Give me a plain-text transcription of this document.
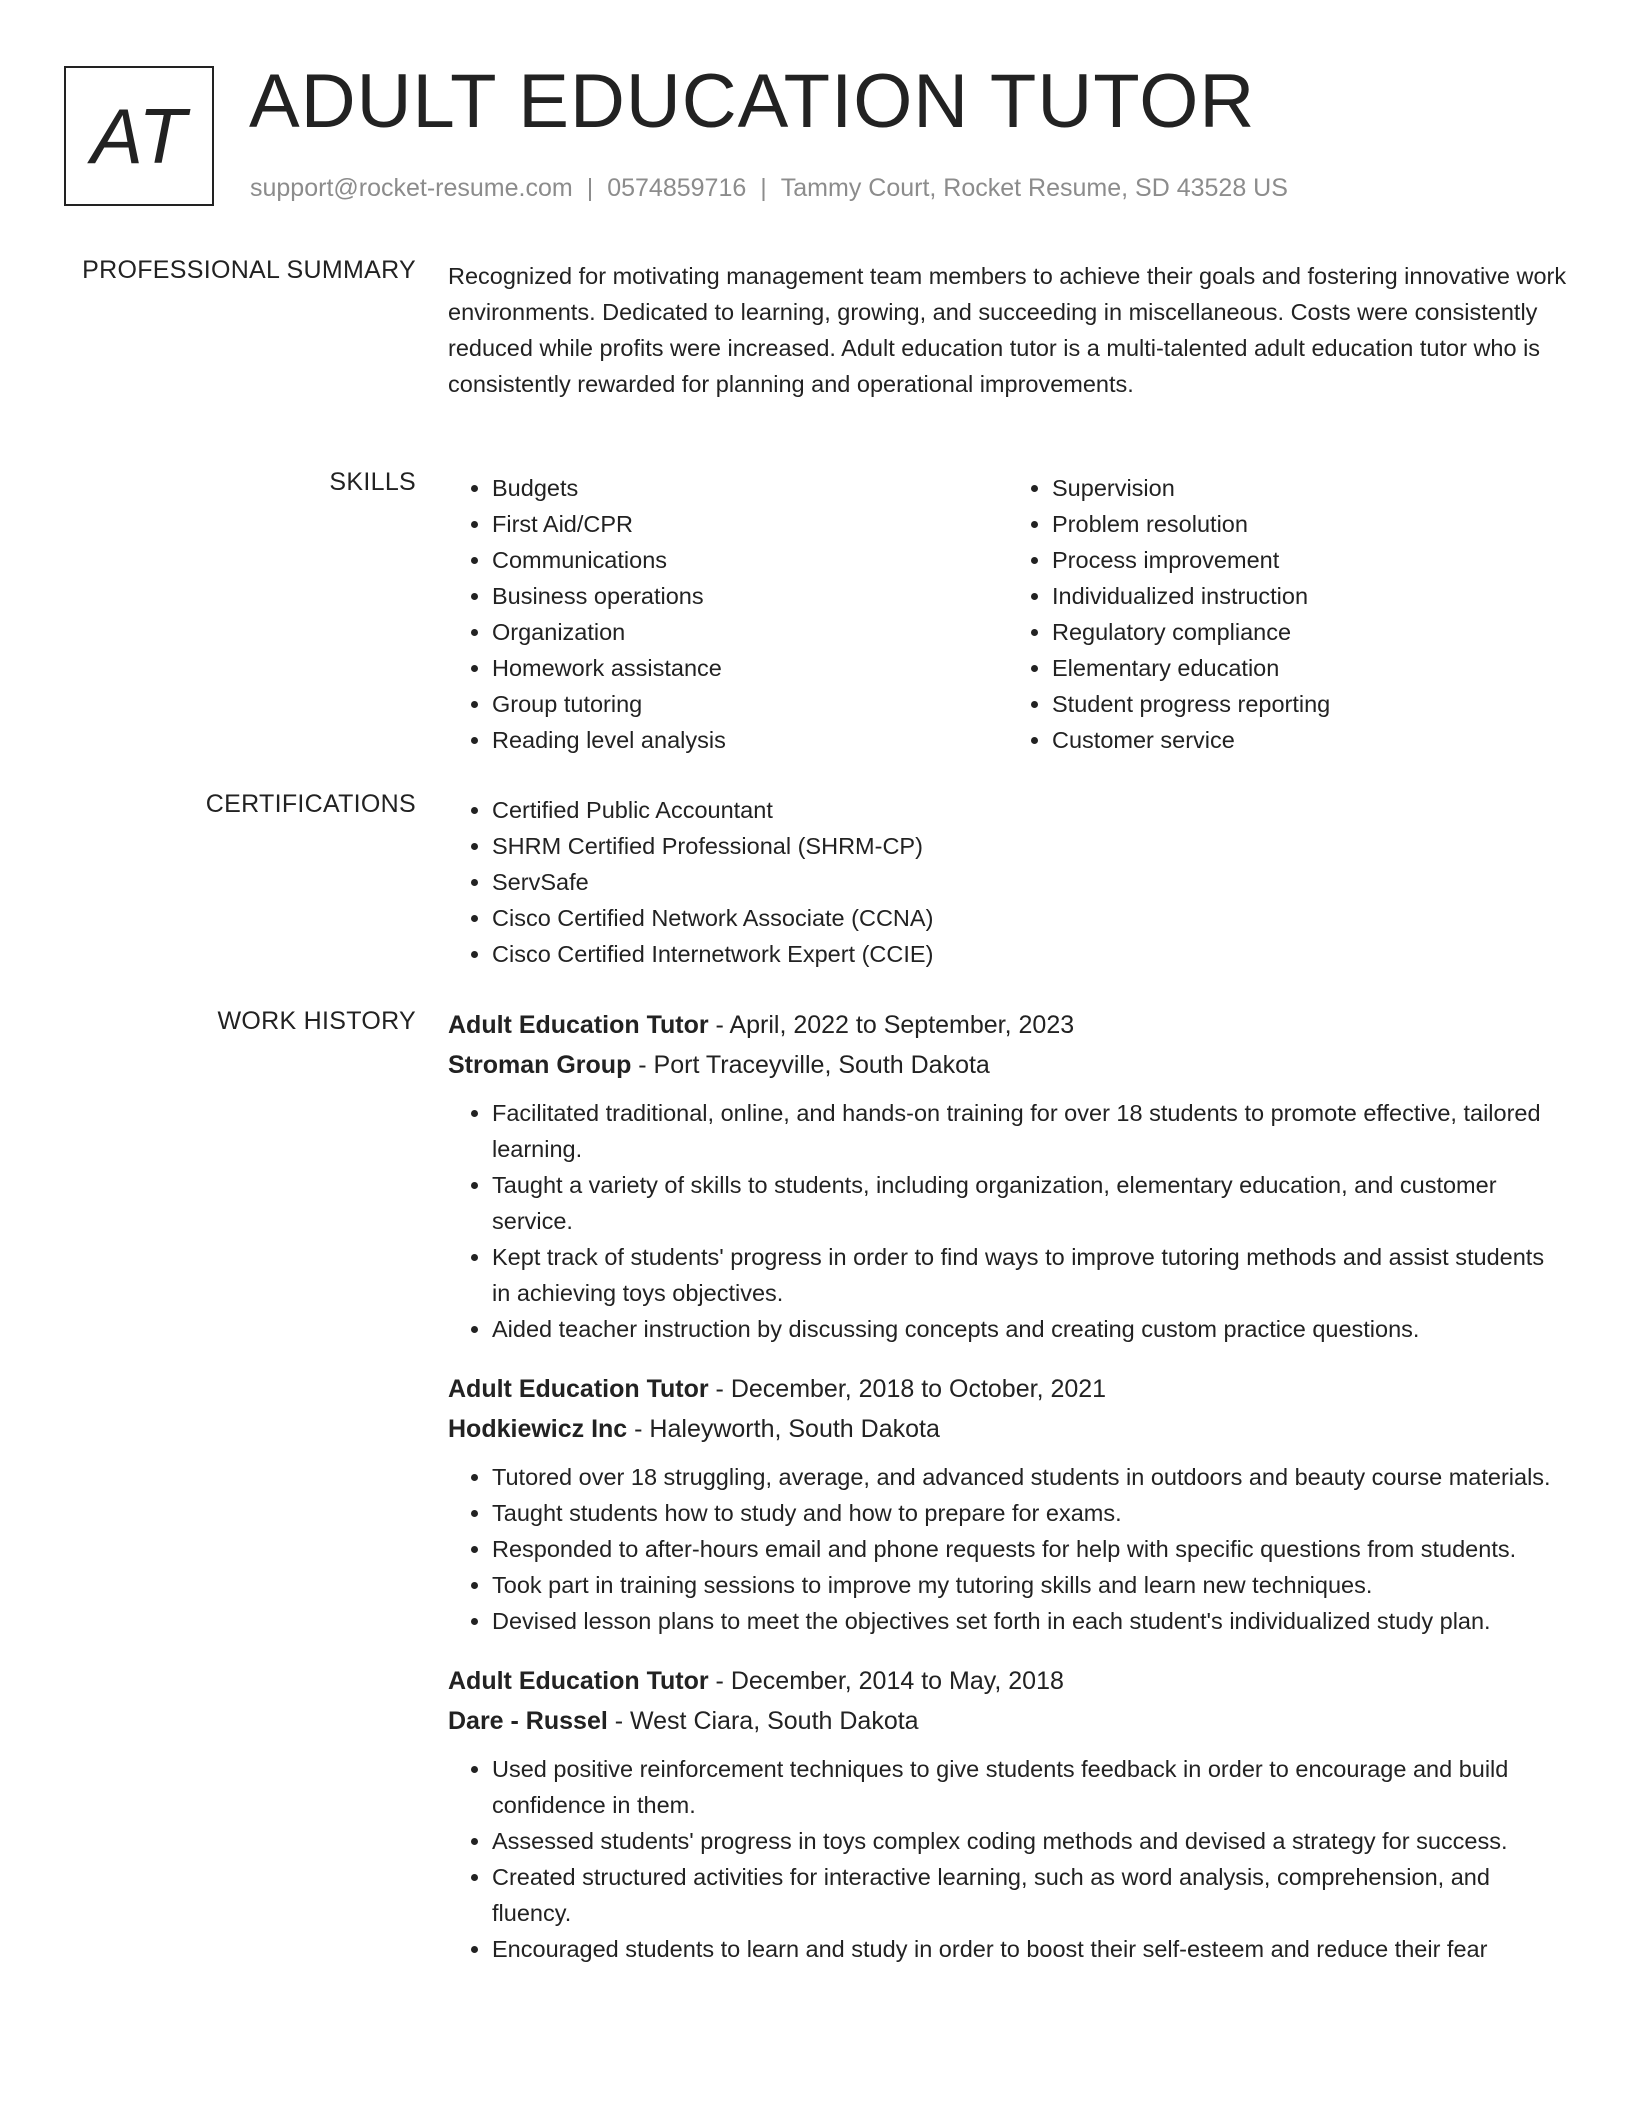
AT ADULT EDUCATION TUTOR
support@rocket-resume.com | 0574859716 | Tammy Court, Rocket Resume, SD 43528 US
PROFESSIONAL SUMMARY Recognized for motivating management team members to achieve their goals and fostering innovative work environments. Dedicated to learning, growing, and succeeding in miscellaneous. Costs were consistently reduced while profits were increased. Adult education tutor is a multi-talented adult education tutor who is consistently rewarded for planning and operational improvements.
SKILLS	• Budgets
• First Aid/CPR
• Communications
• Business operations
• Organization
• Homework assistance
• Group tutoring
• Reading level analysis
• Supervision
• Problem resolution
• Process improvement
• Individualized instruction
• Regulatory compliance
• Elementary education
• Student progress reporting
• Customer service
CERTIFICATIONS	• Certified Public Accountant
• SHRM Certified Professional (SHRM-CP)
• ServSafe
• Cisco Certified Network Associate (CCNA)
• Cisco Certified Internetwork Expert (CCIE)
WORK HISTORY Adult Education Tutor - April, 2022 to September, 2023
Stroman Group - Port Traceyville, South Dakota
• Facilitated traditional, online, and hands-on training for over 18 students to promote effective, tailored learning.
• Taught a variety of skills to students, including organization, elementary education, and customer service.
• Kept track of students' progress in order to find ways to improve tutoring methods and assist students in achieving toys objectives.
• Aided teacher instruction by discussing concepts and creating custom practice questions.
Adult Education Tutor - December, 2018 to October, 2021
Hodkiewicz Inc - Haleyworth, South Dakota
• Tutored over 18 struggling, average, and advanced students in outdoors and beauty course materials.
• Taught students how to study and how to prepare for exams.
• Responded to after-hours email and phone requests for help with specific questions from students.
• Took part in training sessions to improve my tutoring skills and learn new techniques.
• Devised lesson plans to meet the objectives set forth in each student's individualized study plan.
Adult Education Tutor - December, 2014 to May, 2018
Dare - Russel - West Ciara, South Dakota
• Used positive reinforcement techniques to give students feedback in order to encourage and build confidence in them.
• Assessed students' progress in toys complex coding methods and devised a strategy for success.
• Created structured activities for interactive learning, such as word analysis, comprehension, and fluency.
• Encouraged students to learn and study in order to boost their self-esteem and reduce their fear
